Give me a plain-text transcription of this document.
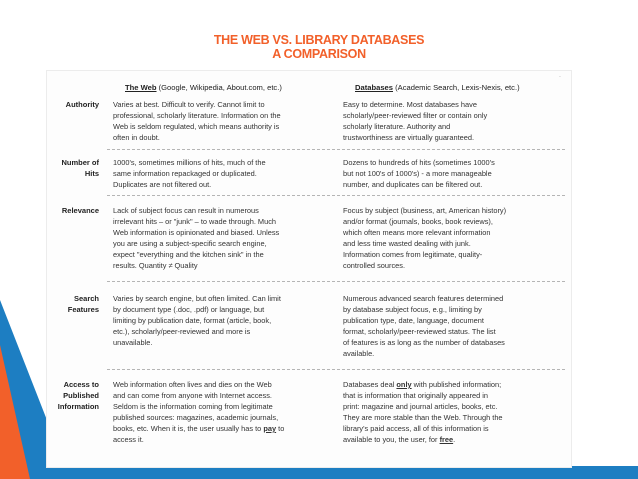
THE WEB VS. LIBRARY DATABASES
A COMPARISON
˙
The Web (Google, Wikipedia, About.com, etc.)	Databases (Academic Search, Lexis-Nexis, etc.)
Authority Varies at best. Difficult to verify. Cannot limit to
professional, scholarly literature. Information on the
Web is seldom regulated, which means authority is
often in doubt.
Easy to determine. Most databases have
scholarly/peer-reviewed filter or contain only
scholarly literature. Authority and
trustworthiness are virtually guaranteed.
Number of
Hits
1000's, sometimes millions of hits, much of the
same information repackaged or duplicated.
Duplicates are not filtered out.
Dozens to hundreds of hits (sometimes 1000's
but not 100's of 1000's) - a more manageable
number, and duplicates can be filtered out.
Relevance Lack of subject focus can result in numerous
irrelevant hits – or "junk" – to wade through. Much
Web information is opinionated and biased. Unless
you are using a subject-specific search engine,
expect "everything and the kitchen sink" in the
results. Quantity ≠ Quality
Focus by subject (business, art, American history)
and/or format (journals, books, book reviews),
which often means more relevant information
and less time wasted dealing with junk.
Information comes from legitimate, quality-
controlled sources.
Search
Features
Varies by search engine, but often limited. Can limit
by document type (.doc, .pdf) or language, but
limiting by publication date, format (article, book,
etc.), scholarly/peer-reviewed and more is
unavailable.
Numerous advanced search features determined
by database subject focus, e.g., limiting by
publication type, date, language, document
format, scholarly/peer-reviewed status. The list
of features is as long as the number of databases
available.
Access to
Published
Information
Web information often lives and dies on the Web
and can come from anyone with Internet access.
Seldom is the information coming from legitimate
published sources: magazines, academic journals,
books, etc. When it is, the user usually has to pay to
access it.
Databases deal only with published information;
that is information that originally appeared in
print: magazine and journal articles, books, etc.
They are more stable than the Web. Through the
library's paid access, all of this information is
available to you, the user, for free.
